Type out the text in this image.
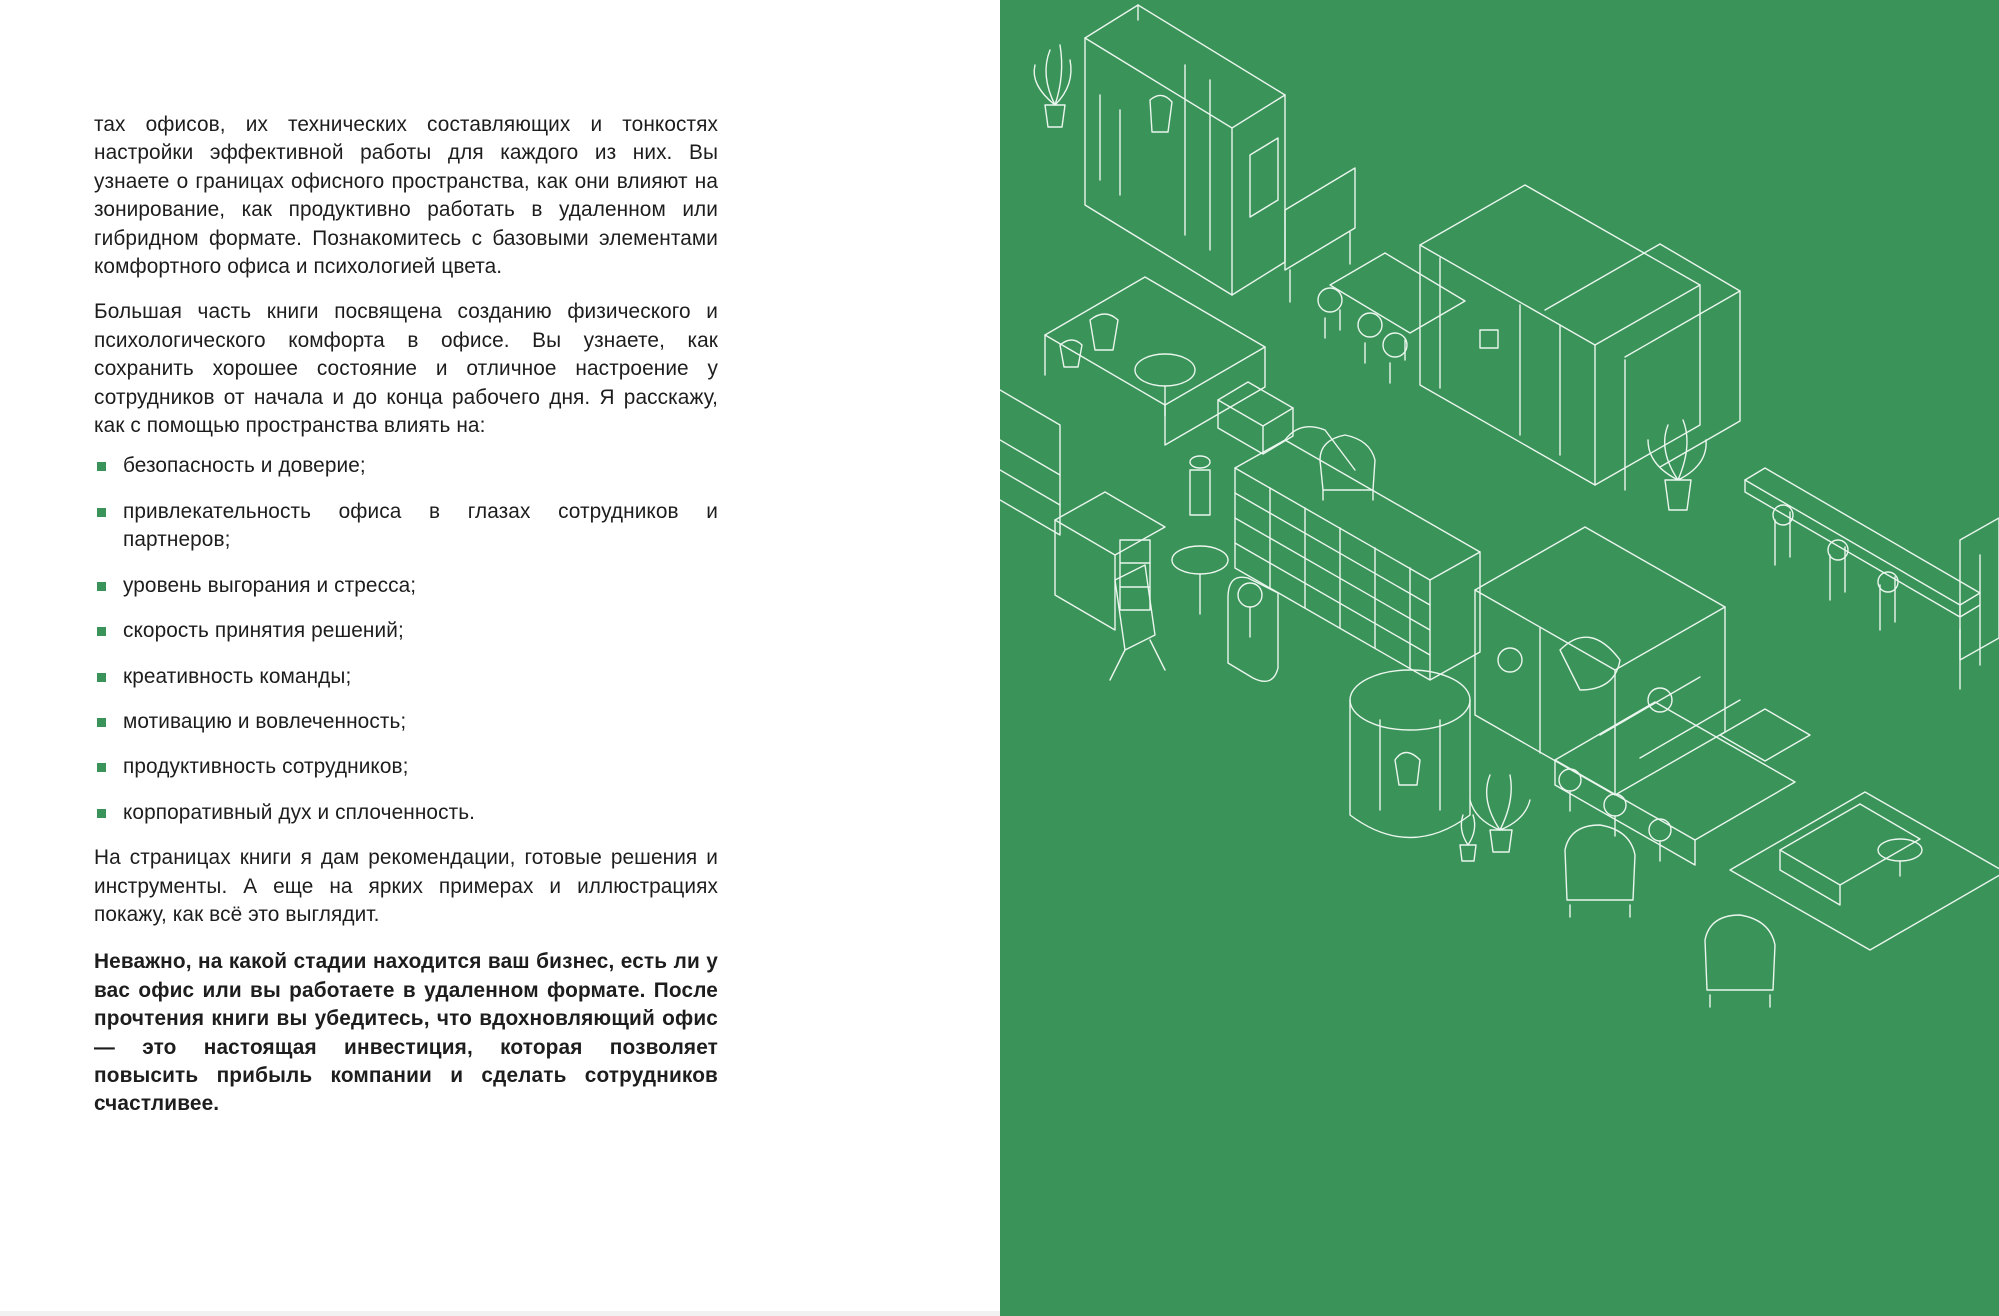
тах офисов, их технических составляющих и тонкостях настройки эффективной работы для каждого из них. Вы узнаете о границах офисного пространства, как они влияют на зонирование, как продуктивно работать в удаленном или гибридном формате. Познакомитесь с базовыми элементами комфортного офиса и психологией цвета.

Большая часть книги посвящена созданию физического и психологического комфорта в офисе. Вы узнаете, как сохранить хорошее состояние и отличное настроение у сотрудников от начала и до конца рабочего дня. Я расскажу, как с помощью пространства влиять на:

безопасность и доверие;
привлекательность офиса в глазах сотрудников и партнеров;
уровень выгорания и стресса;
скорость принятия решений;
креативность команды;
мотивацию и вовлеченность;
продуктивность сотрудников;
корпоративный дух и сплоченность.

На страницах книги я дам рекомендации, готовые решения и инструменты. А еще на ярких примерах и иллюстрациях покажу, как всё это выглядит.

Неважно, на какой стадии находится ваш бизнес, есть ли у вас офис или вы работаете в удаленном формате. После прочтения книги вы убедитесь, что вдохновляющий офис — это настоящая инвестиция, которая позволяет повысить прибыль компании и сделать сотрудников счастливее.
